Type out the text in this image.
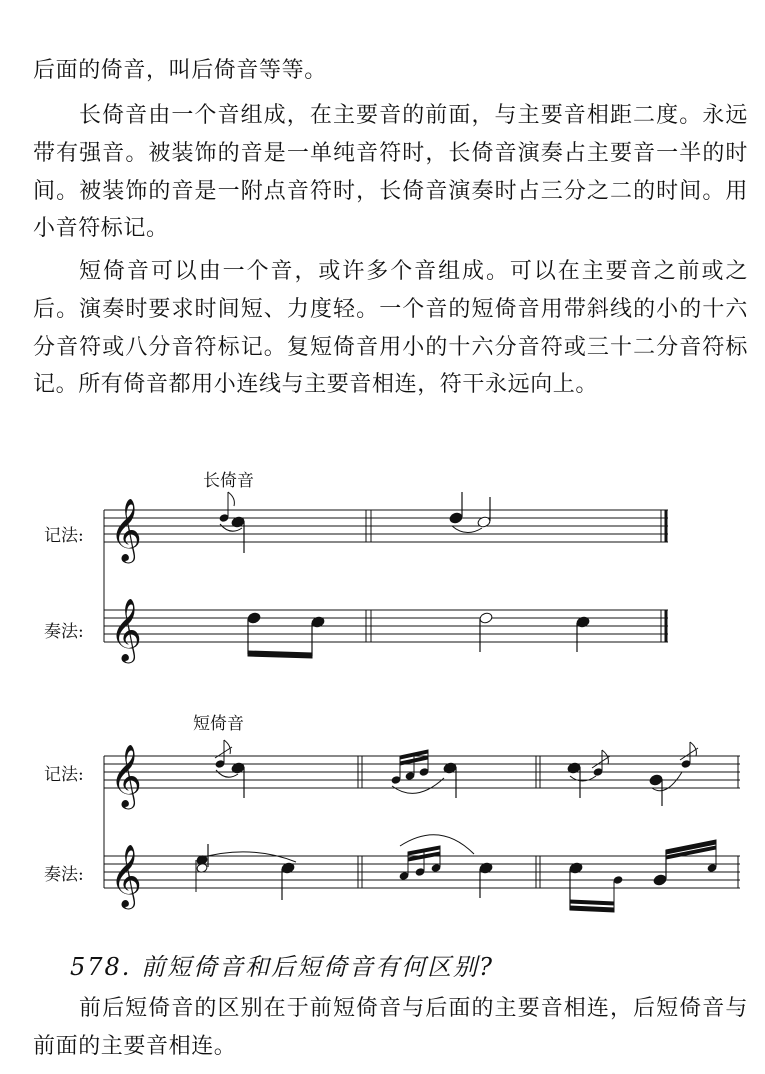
后面的倚音，叫后倚音等等。

长倚音由一个音组成，在主要音的前面，与主要音相距二度。永远带有强音。被装饰的音是一单纯音符时，长倚音演奏占主要音一半的时间。被装饰的音是一附点音符时，长倚音演奏时占三分之二的时间。用小音符标记。

短倚音可以由一个音，或许多个音组成。可以在主要音之前或之后。演奏时要求时间短、力度轻。一个音的短倚音用带斜线的小的十六分音符或八分音符标记。复短倚音用小的十六分音符或三十二分音符标记。所有倚音都用小连线与主要音相连，符干永远向上。

长倚音
记法:
奏法:
短倚音
记法:
奏法:
𝄞
𝄞
𝄞
𝄞
578. 前短倚音和后短倚音有何区别?

前后短倚音的区别在于前短倚音与后面的主要音相连，后短倚音与前面的主要音相连。
